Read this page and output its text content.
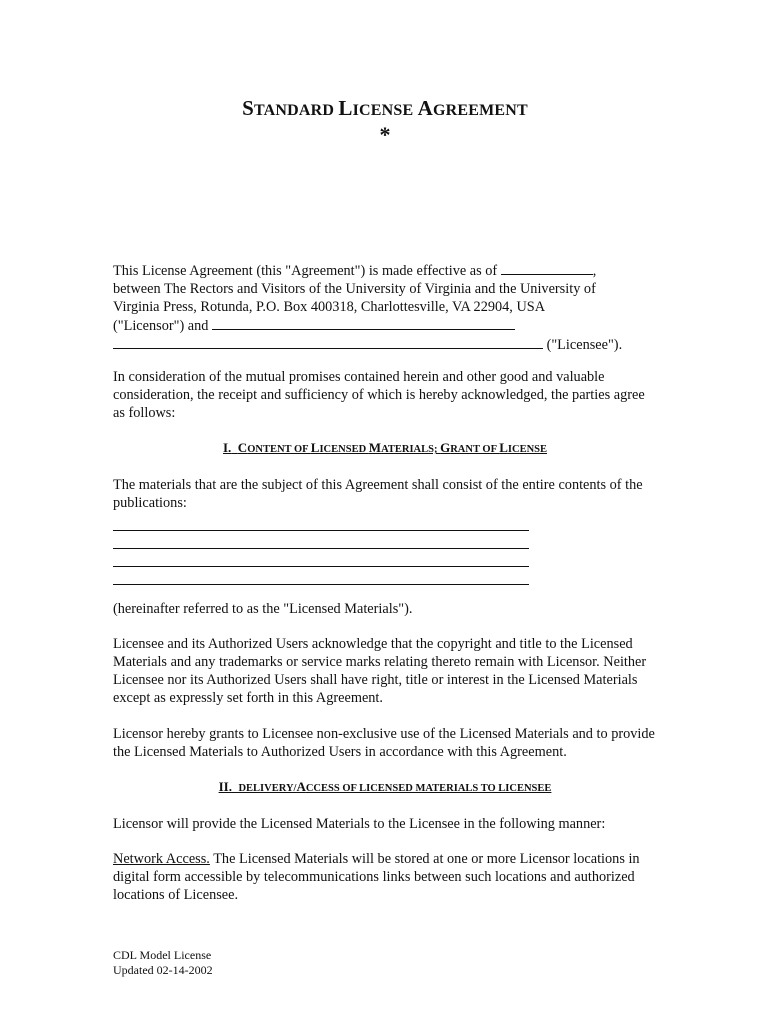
STANDARD LICENSE AGREEMENT
*
This License Agreement (this "Agreement") is made effective as of	,
between The Rectors and Visitors of the University of Virginia and the University of
Virginia Press, Rotunda, P.O. Box 400318, Charlottesville, VA 22904, USA
("Licensor") and
("Licensee").
In consideration of the mutual promises contained herein and other good and valuable consideration, the receipt and sufficiency of which is hereby acknowledged, the parties agree as follows:
I. CONTENT OF LICENSED MATERIALS; GRANT OF LICENSE
The materials that are the subject of this Agreement shall consist of the entire contents of the publications:
(hereinafter referred to as the "Licensed Materials").
Licensee and its Authorized Users acknowledge that the copyright and title to the Licensed Materials and any trademarks or service marks relating thereto remain with Licensor. Neither Licensee nor its Authorized Users shall have right, title or interest in the Licensed Materials except as expressly set forth in this Agreement.
Licensor hereby grants to Licensee non-exclusive use of the Licensed Materials and to provide the Licensed Materials to Authorized Users in accordance with this Agreement.
II. DELIVERY/ACCESS OF LICENSED MATERIALS TO LICENSEE
Licensor will provide the Licensed Materials to the Licensee in the following manner:
Network Access. The Licensed Materials will be stored at one or more Licensor locations in digital form accessible by telecommunications links between such locations and authorized locations of Licensee.
CDL Model License
Updated 02-14-2002
